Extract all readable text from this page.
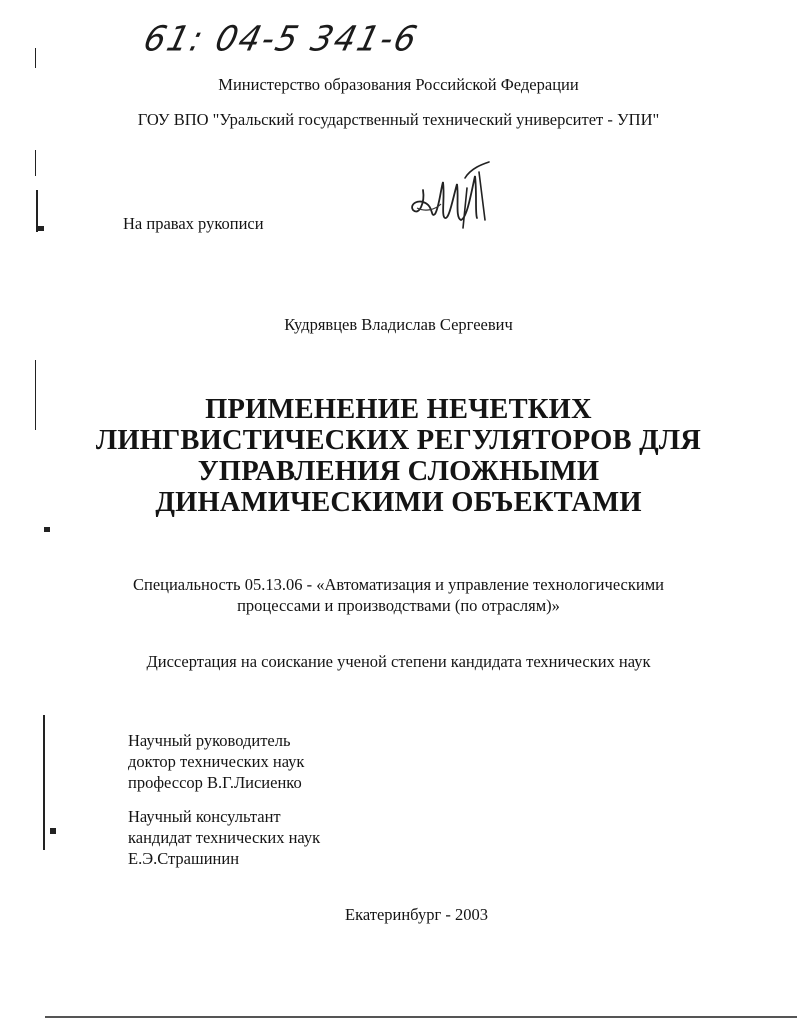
61: 04-5 341-6
Министерство образования Российской Федерации
ГОУ ВПО "Уральский государственный технический университет - УПИ"
На правах рукописи
Кудрявцев Владислав Сергеевич
ПРИМЕНЕНИЕ НЕЧЕТКИХ
ЛИНГВИСТИЧЕСКИХ РЕГУЛЯТОРОВ ДЛЯ
УПРАВЛЕНИЯ СЛОЖНЫМИ
ДИНАМИЧЕСКИМИ ОБЪЕКТАМИ
Специальность 05.13.06 - «Автоматизация и управление технологическими
процессами и производствами (по отраслям)»
Диссертация на соискание ученой степени кандидата технических наук
Научный руководитель
доктор технических наук
профессор В.Г.Лисиенко
Научный консультант
кандидат технических наук
Е.Э.Страшинин
Екатеринбург - 2003
